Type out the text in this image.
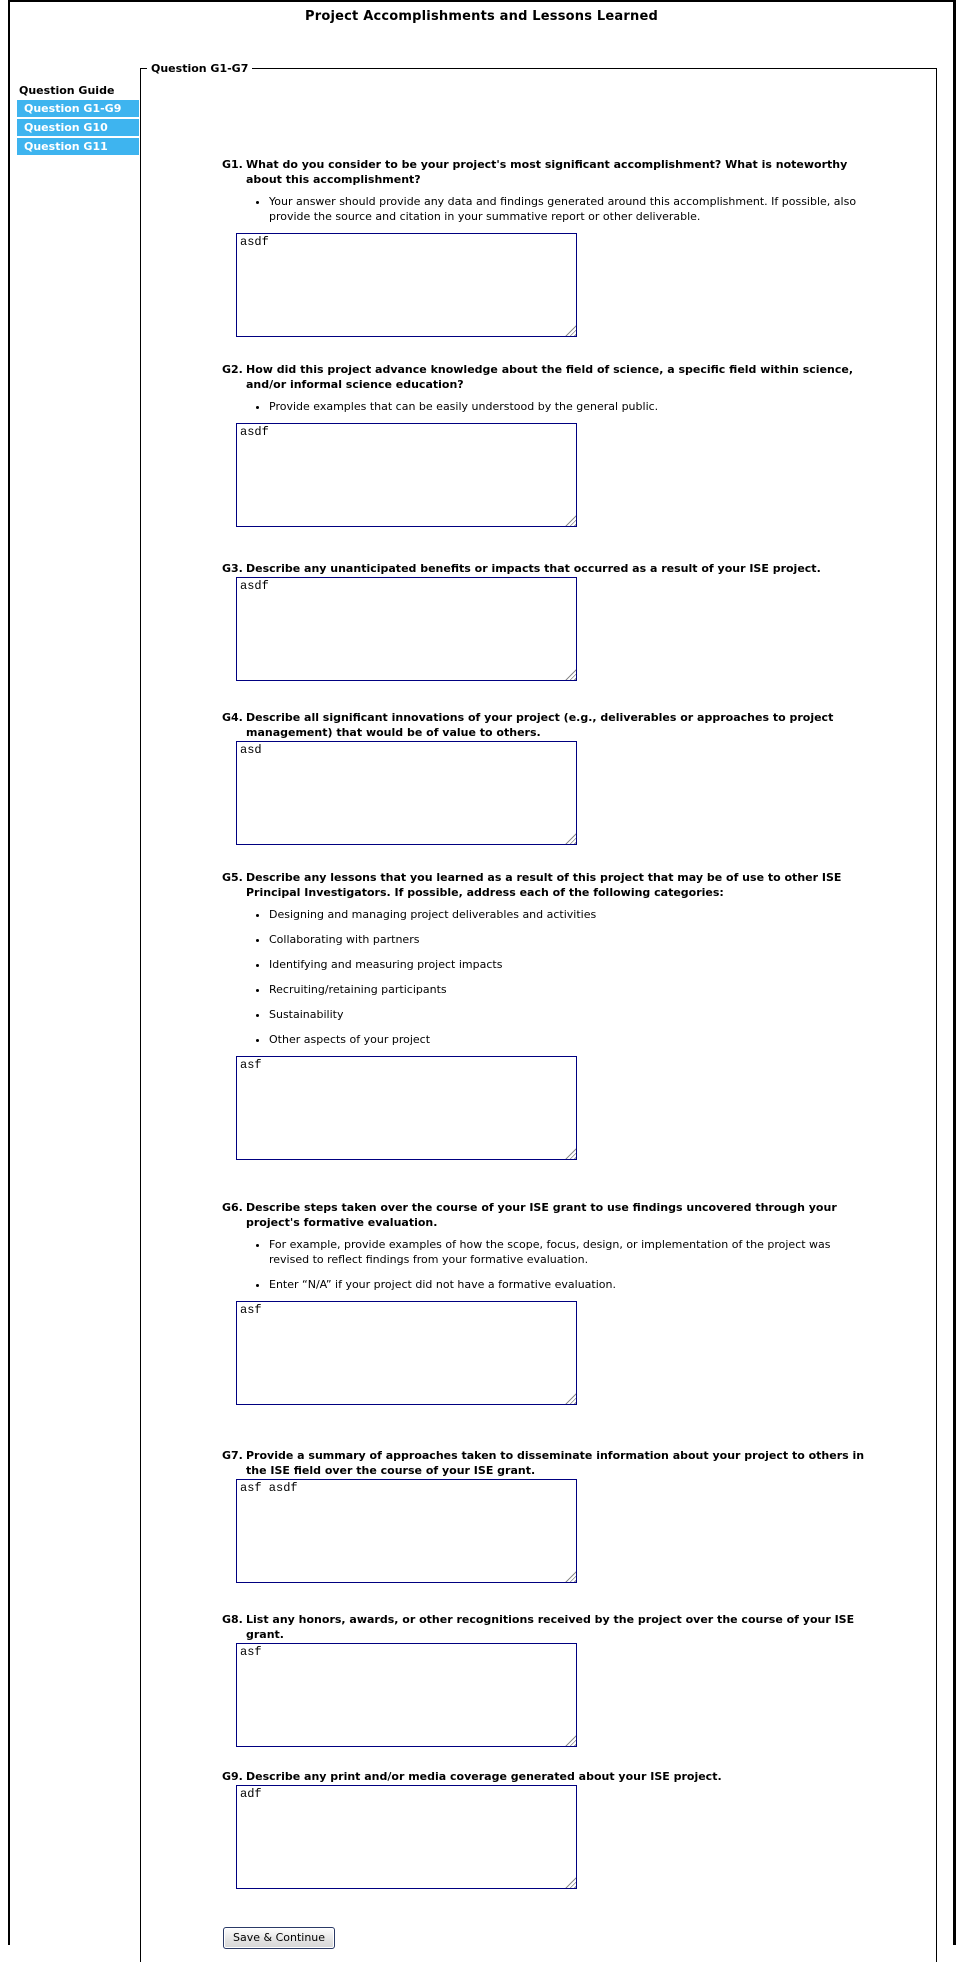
Project Accomplishments and Lessons Learned
Question Guide
Question G1-G9
Question G10
Question G11
Question G1-G7
G1. What do you consider to be your project's most significant accomplishment? What is noteworthy about this accomplishment?
• Your answer should provide any data and findings generated around this accomplishment. If possible, also provide the source and citation in your summative report or other deliverable.
asdf
G2. How did this project advance knowledge about the field of science, a specific field within science, and/or informal science education?
• Provide examples that can be easily understood by the general public.
asdf
G3. Describe any unanticipated benefits or impacts that occurred as a result of your ISE project.
asdf
G4. Describe all significant innovations of your project (e.g., deliverables or approaches to project management) that would be of value to others.
asd
G5. Describe any lessons that you learned as a result of this project that may be of use to other ISE Principal Investigators. If possible, address each of the following categories:
• Designing and managing project deliverables and activities
• Collaborating with partners
• Identifying and measuring project impacts
• Recruiting/retaining participants
• Sustainability
• Other aspects of your project
asf
G6. Describe steps taken over the course of your ISE grant to use findings uncovered through your project's formative evaluation.
• For example, provide examples of how the scope, focus, design, or implementation of the project was revised to reflect findings from your formative evaluation.
• Enter “N/A” if your project did not have a formative evaluation.
asf
G7. Provide a summary of approaches taken to disseminate information about your project to others in the ISE field over the course of your ISE grant.
asf asdf
G8. List any honors, awards, or other recognitions received by the project over the course of your ISE grant.
asf
G9. Describe any print and/or media coverage generated about your ISE project.
adf
Save & Continue
